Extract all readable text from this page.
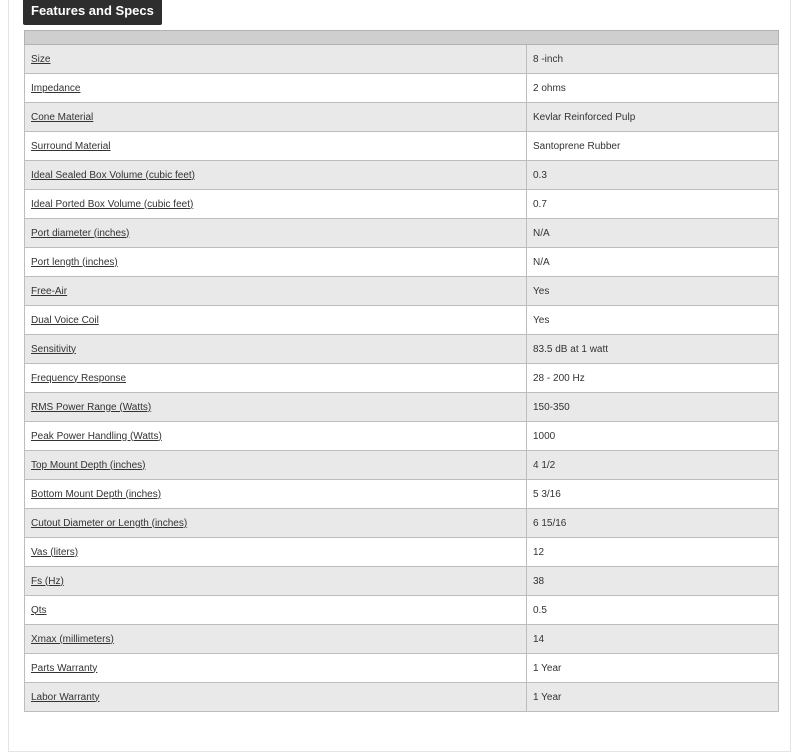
Features and Specs

Size	8 -inch
Impedance	2 ohms
Cone Material	Kevlar Reinforced Pulp
Surround Material	Santoprene Rubber
Ideal Sealed Box Volume (cubic feet)	0.3
Ideal Ported Box Volume (cubic feet)	0.7
Port diameter (inches)	N/A
Port length (inches)	N/A
Free-Air	Yes
Dual Voice Coil	Yes
Sensitivity	83.5 dB at 1 watt
Frequency Response	28 - 200 Hz
RMS Power Range (Watts)	150-350
Peak Power Handling (Watts)	1000
Top Mount Depth (inches)	4 1/2
Bottom Mount Depth (inches)	5 3/16
Cutout Diameter or Length (inches)	6 15/16
Vas (liters)	12
Fs (Hz)	38
Qts	0.5
Xmax (millimeters)	14
Parts Warranty	1 Year
Labor Warranty	1 Year
